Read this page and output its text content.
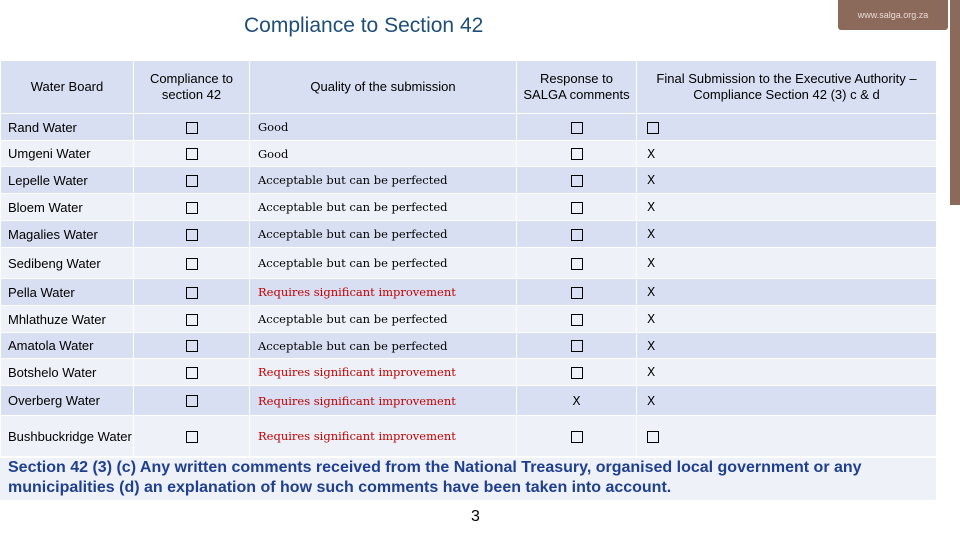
Compliance to Section 42	www.salga.org.za
Water Board	Compliance to section 42	Quality of the submission	Response to SALGA comments	Final Submission to the Executive Authority – Compliance Section 42 (3) c & d
Rand Water		Good		
Umgeni Water		Good		X
Lepelle Water		Acceptable but can be perfected		X
Bloem Water		Acceptable but can be perfected		X
Magalies Water		Acceptable but can be perfected		X
Sedibeng Water		Acceptable but can be perfected		X
Pella Water		Requires significant improvement		X
Mhlathuze Water		Acceptable but can be perfected		X
Amatola Water		Acceptable but can be perfected		X
Botshelo Water		Requires significant improvement		X
Overberg Water		Requires significant improvement	X	X
Bushbuckridge Water		Requires significant improvement		
Section 42 (3) (c) Any written comments received from the National Treasury, organised local government or any municipalities (d) an explanation of how such comments have been taken into account.
3
